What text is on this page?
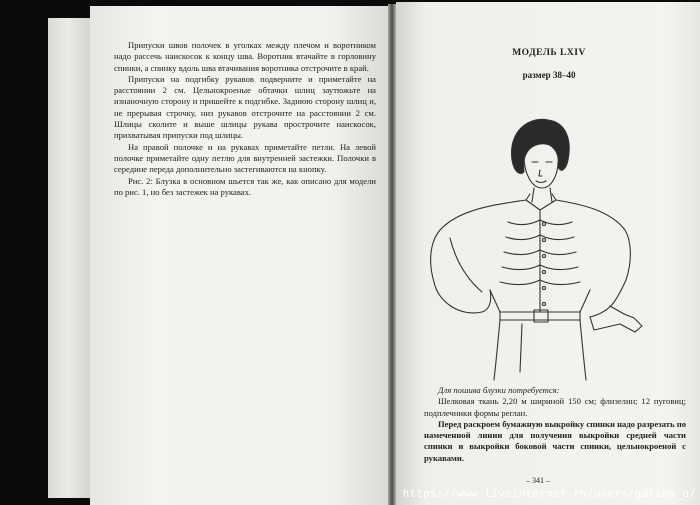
Припуски швов полочек в уголках между плечом и воротником надо рассечь наискосок к концу шва. Воротник втачайте в горловину спинки, а спинку вдоль шва втачивания воротника отстрочите в край.

Припуски на подгибку рукавов подверните и приметайте на расстоянии 2 см. Цельнокроеные обтачки шлиц заутюжьте на изнаночную сторону и пришейте к подгибке. Заднюю сторону шлиц и, не прерывая строчку, низ рукавов отстрочите на расстоянии 2 см. Шлицы сколите и выше шлицы рукава прострочите наискосок, прихватывая припуски под шлицы.

На правой полочке и на рукавах приметайте петли. На левой полочке приметайте одну петлю для внутренней застежки. Полочки в середине переда дополнительно застегиваются на кнопку.

Рис. 2: Блузка в основном шьется так же, как описано для модели по рис. 1, но без застежек на рукавах.

МОДЕЛЬ LXIV
размер 38–40

Для пошива блузки потребуется:

Шелковая ткань 2,20 м шириной 150 см; флизелин; 12 пуговиц; подплечники формы реглан.

Перед раскроем бумажную выкройку спинки надо разрезать по намеченной линии для получения выкройки средней части спинки и выкройки боковой части спинки, цельнокроеной с рукавами.

– 341 –
https://www.liveinternet.ru/users/galina_o/
